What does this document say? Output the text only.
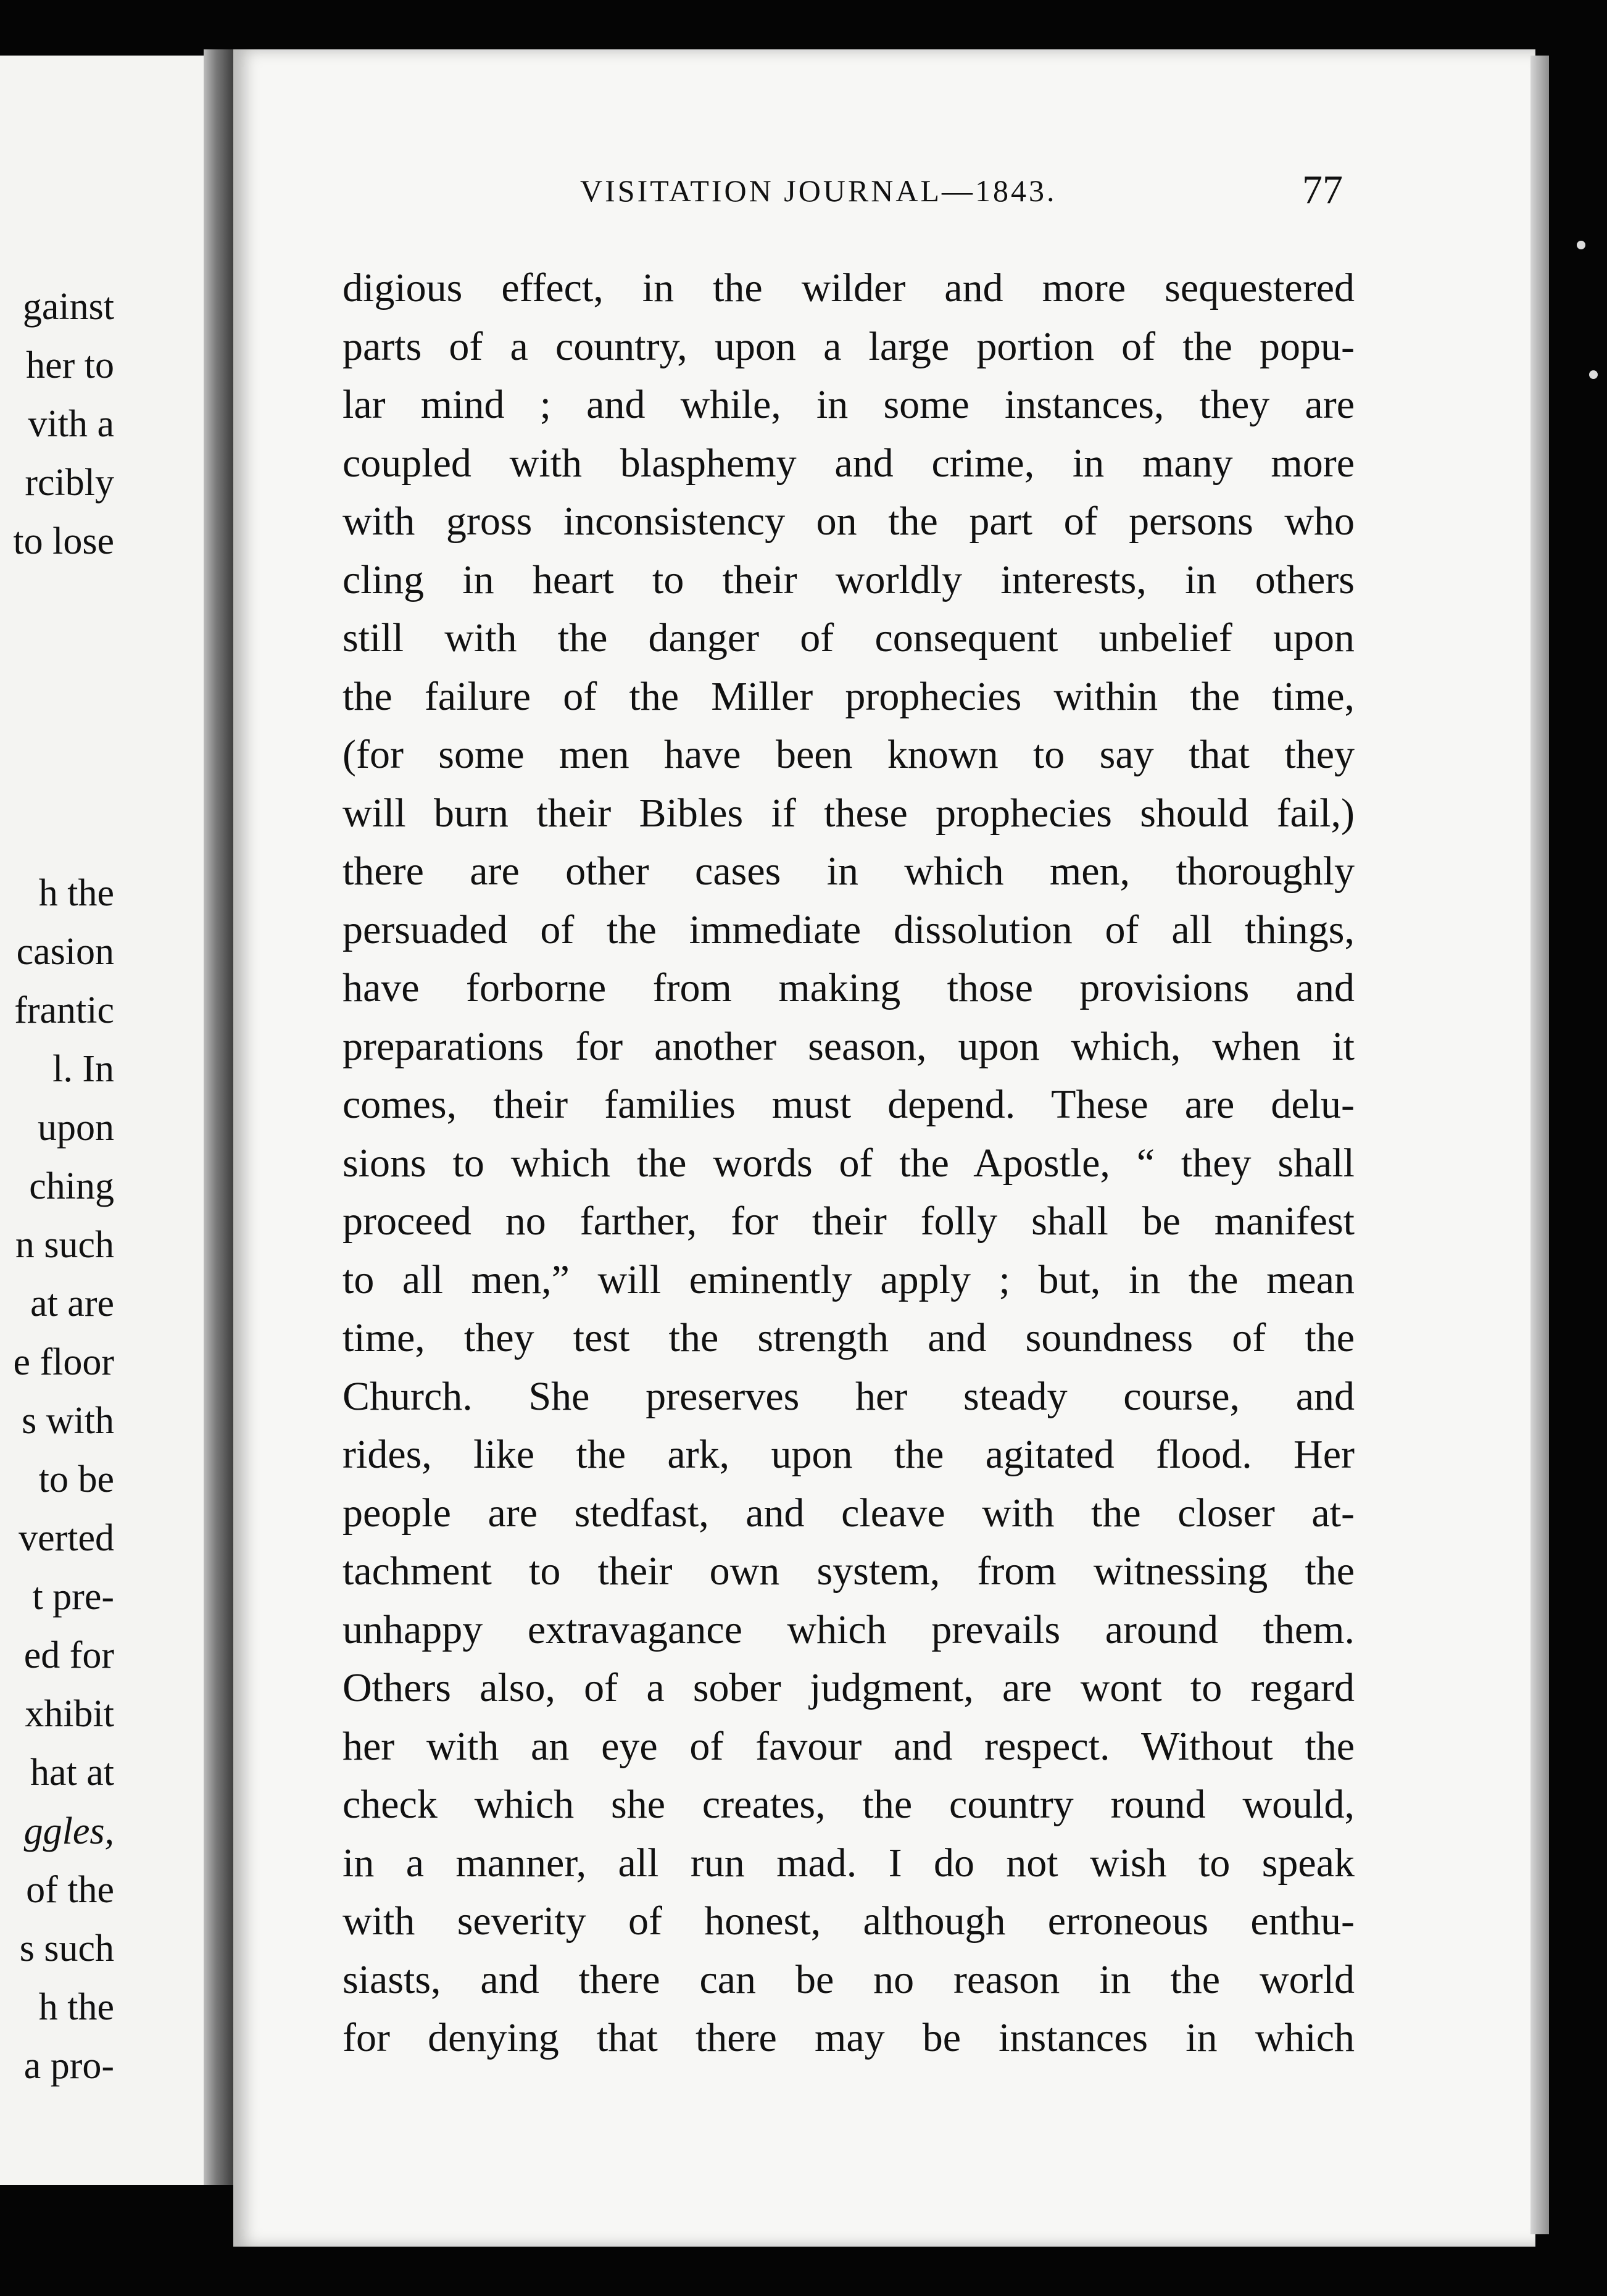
gainst
her to
vith a
rcibly
to lose
h the
casion
frantic
l. In
upon
ching
n such
at are
e floor
s with
to be
verted
t pre-
ed for
xhibit
hat at
ggles,
of the
s such
h the
a pro-
VISITATION JOURNAL—1843.	77
digious effect, in the wilder and more sequestered
parts of a country, upon a large portion of the popu-
lar mind ; and while, in some instances, they are
coupled with blasphemy and crime, in many more
with gross inconsistency on the part of persons who
cling in heart to their worldly interests, in others
still with the danger of consequent unbelief upon
the failure of the Miller prophecies within the time,
(for some men have been known to say that they
will burn their Bibles if these prophecies should fail,)
there are other cases in which men, thoroughly
persuaded of the immediate dissolution of all things,
have forborne from making those provisions and
preparations for another season, upon which, when it
comes, their families must depend. These are delu-
sions to which the words of the Apostle, “ they shall
proceed no farther, for their folly shall be manifest
to all men,” will eminently apply ; but, in the mean
time, they test the strength and soundness of the
Church. She preserves her steady course, and
rides, like the ark, upon the agitated flood. Her
people are stedfast, and cleave with the closer at-
tachment to their own system, from witnessing the
unhappy extravagance which prevails around them.
Others also, of a sober judgment, are wont to regard
her with an eye of favour and respect. Without the
check which she creates, the country round would,
in a manner, all run mad. I do not wish to speak
with severity of honest, although erroneous enthu-
siasts, and there can be no reason in the world
for denying that there may be instances in which
